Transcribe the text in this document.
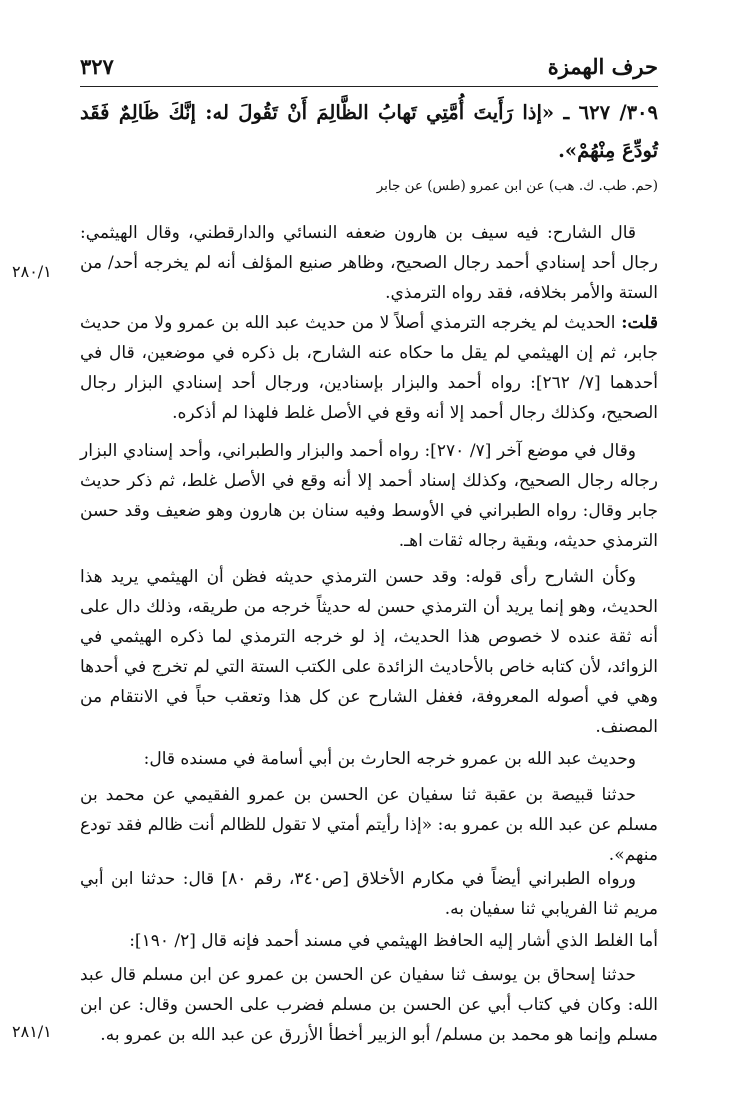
حرف الهمزة
٣٢٧
٣٠٩/ ٦٢٧ ـ «إذا رَأَيتَ أُمَّتِي تَهابُ الظَّالِمَ أَنْ تَقُولَ له: إنَّكَ ظَالِمٌ فَقَد تُودِّعَ مِنْهُمْ».
(حم. طب. ك. هب) عن ابن عمرو (طس) عن جابر
قال الشارح: فيه سيف بن هارون ضعفه النسائي والدارقطني، وقال الهيثمي: رجال أحد إسنادي أحمد رجال الصحيح، وظاهر صنيع المؤلف أنه لم يخرجه أحد/ من الستة والأمر بخلافه، فقد رواه الترمذي.
قلت: الحديث لم يخرجه الترمذي أصلاً لا من حديث عبد الله بن عمرو ولا من حديث جابر، ثم إن الهيثمي لم يقل ما حكاه عنه الشارح، بل ذكره في موضعين، قال في أحدهما [٧/ ٢٦٢]: رواه أحمد والبزار بإسنادين، ورجال أحد إسنادي البزار رجال الصحيح، وكذلك رجال أحمد إلا أنه وقع في الأصل غلط فلهذا لم أذكره.
وقال في موضع آخر [٧/ ٢٧٠]: رواه أحمد والبزار والطبراني، وأحد إسنادي البزار رجاله رجال الصحيح، وكذلك إسناد أحمد إلا أنه وقع في الأصل غلط، ثم ذكر حديث جابر وقال: رواه الطبراني في الأوسط وفيه سنان بن هارون وهو ضعيف وقد حسن الترمذي حديثه، وبقية رجاله ثقات اهـ.
وكأن الشارح رأى قوله: وقد حسن الترمذي حديثه فظن أن الهيثمي يريد هذا الحديث، وهو إنما يريد أن الترمذي حسن له حديثاً خرجه من طريقه، وذلك دال على أنه ثقة عنده لا خصوص هذا الحديث، إذ لو خرجه الترمذي لما ذكره الهيثمي في الزوائد، لأن كتابه خاص بالأحاديث الزائدة على الكتب الستة التي لم تخرج في أحدها وهي في أصوله المعروفة، فغفل الشارح عن كل هذا وتعقب حباً في الانتقام من المصنف.
وحديث عبد الله بن عمرو خرجه الحارث بن أبي أسامة في مسنده قال:
حدثنا قبيصة بن عقبة ثنا سفيان عن الحسن بن عمرو الفقيمي عن محمد بن مسلم عن عبد الله بن عمرو به: «إذا رأيتم أمتي لا تقول للظالم أنت ظالم فقد تودع منهم».
ورواه الطبراني أيضاً في مكارم الأخلاق [ص٣٤٠، رقم ٨٠] قال: حدثنا ابن أبي مريم ثنا الفريابي ثنا سفيان به.
أما الغلط الذي أشار إليه الحافظ الهيثمي في مسند أحمد فإنه قال [٢/ ١٩٠]:
حدثنا إسحاق بن يوسف ثنا سفيان عن الحسن بن عمرو عن ابن مسلم قال عبد الله: وكان في كتاب أبي عن الحسن بن مسلم فضرب على الحسن وقال: عن ابن مسلم وإنما هو محمد بن مسلم/ أبو الزبير أخطأ الأزرق عن عبد الله بن عمرو به.
٢٨٠/١
٢٨١/١
